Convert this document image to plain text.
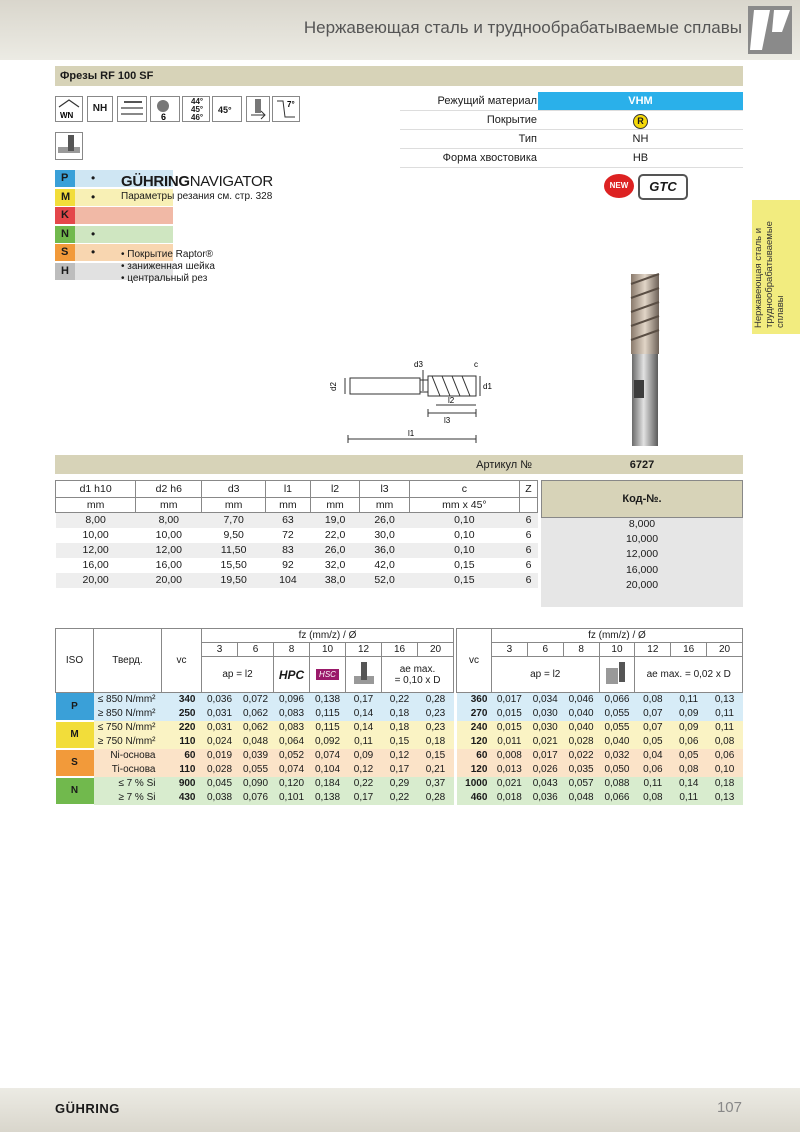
Нержавеющая сталь и труднообрабатываемые сплавы
Фрезы RF 100 SF
Нержавеющая сталь и труднообрабатываемые сплавы
WN
NH
6
44°
45°
46°
45°
7°	Режущий материал	VHM
Покрытие	R
Тип	NH
Форма хвостовика	HB
NEW	GTC
P	•
M	•
K
N	•
S	•
H
GÜHRINGNAVIGATOR
Параметры резания см. стр. 328
• Покрытие Raptor®
• заниженная шейка
• центральный рез
d2
d3	c
d1
l2
l3
l1
Артикул №	6727
d1 h10	d2 h6	d3	l1	l2	l3	c	Z
mm	mm	mm	mm	mm	mm	mm x 45°	
8,00	8,00	7,70	63	19,0	26,0	0,10	6
10,00	10,00	9,50	72	22,0	30,0	0,10	6
12,00	12,00	11,50	83	26,0	36,0	0,10	6
16,00	16,00	15,50	92	32,0	42,0	0,15	6
20,00	20,00	19,50	104	38,0	52,0	0,15	6
Код-№.
8,000
10,000
12,000
16,000
20,000
ISO	Тверд.	vc	fz (mm/z) / Ø						
			3	6	8	10	12	16	20
			ap = l2		HPC	HSC		ae max.
= 0,10 x D	

P	≤ 850 N/mm²	340	0,036	0,072	0,096	0,138	0,17	0,22	0,28
	≥ 850 N/mm²	250	0,031	0,062	0,083	0,115	0,14	0,18	0,23
M	≤ 750 N/mm²	220	0,031	0,062	0,083	0,115	0,14	0,18	0,23
	≥ 750 N/mm²	110	0,024	0,048	0,064	0,092	0,11	0,15	0,18
S	Ni-основа	60	0,019	0,039	0,052	0,074	0,09	0,12	0,15
	Ti-основа	110	0,028	0,055	0,074	0,104	0,12	0,17	0,21
N	≤ 7 % Si	900	0,045	0,090	0,120	0,184	0,22	0,29	0,37
	≥ 7 % Si	430	0,038	0,076	0,101	0,138	0,17	0,22	0,28
vc	fz (mm/z) / Ø						
	3	6	8	10	12	16	20
	ap = l2				ae max. = 0,02 x D		
360	0,017	0,034	0,046	0,066	0,08	0,11	0,13
270	0,015	0,030	0,040	0,055	0,07	0,09	0,11
240	0,015	0,030	0,040	0,055	0,07	0,09	0,11
120	0,011	0,021	0,028	0,040	0,05	0,06	0,08
60	0,008	0,017	0,022	0,032	0,04	0,05	0,06
120	0,013	0,026	0,035	0,050	0,06	0,08	0,10
1000	0,021	0,043	0,057	0,088	0,11	0,14	0,18
460	0,018	0,036	0,048	0,066	0,08	0,11	0,13
GÜHRING	107
